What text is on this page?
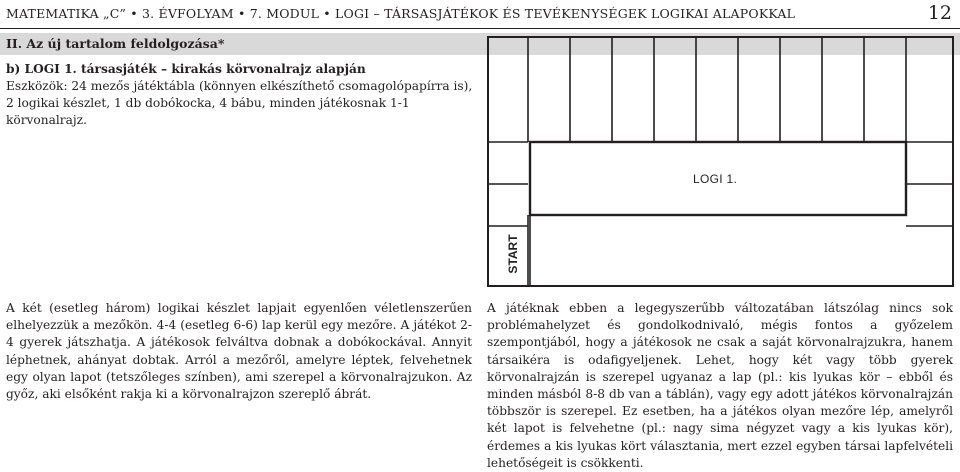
MATEMATIKA „C” • 3. ÉVFOLYAM • 7. MODUL • LOGI – TÁRSASJÁTÉKOK ÉS TEVÉKENYSÉGEK LOGIKAI ALAPOKKAL	12
II. Az új tartalom feldolgozása*
b) LOGI 1. társasjáték – kirakás körvonalrajz alapján
Eszközök: 24 mezős játéktábla (könnyen elkészíthető csomagolópapírra is), 2 logikai készlet, 1 db dobókocka, 4 bábu, minden játékosnak 1-1 körvonalrajz.
LOGI 1.
START
A két (esetleg három) logikai készlet lapjait egyenlően véletlenszerűen elhelyezzük a mezőkön. 4-4 (esetleg 6-6) lap kerül egy mezőre. A játékot 2-4 gyerek játszhatja. A játékosok felváltva dobnak a dobókockával. Annyit léphetnek, ahányat dobtak. Arról a mezőről, amelyre léptek, felvehetnek egy olyan lapot (tetszőleges színben), ami szerepel a körvonalrajzukon. Az győz, aki elsőként rakja ki a körvonalrajzon szereplő ábrát.
A játéknak ebben a legegyszerűbb változatában látszólag nincs sok problémahelyzet és gondolkodnivaló, mégis fontos a győzelem szempontjából, hogy a játékosok ne csak a saját körvonalrajzukra, hanem társaikéra is odafigyeljenek. Lehet, hogy két vagy több gyerek körvonalrajzán is szerepel ugyanaz a lap (pl.: kis lyukas kör – ebből és minden másból 8-8 db van a táblán), vagy egy adott játékos körvonalrajzán többször is szerepel. Ez esetben, ha a játékos olyan mezőre lép, amelyről két lapot is felvehetne (pl.: nagy sima négyzet vagy a kis lyukas kör), érdemes a kis lyukas kört választania, mert ezzel egyben társai lapfelvételi lehetőségeit is csökkenti.
